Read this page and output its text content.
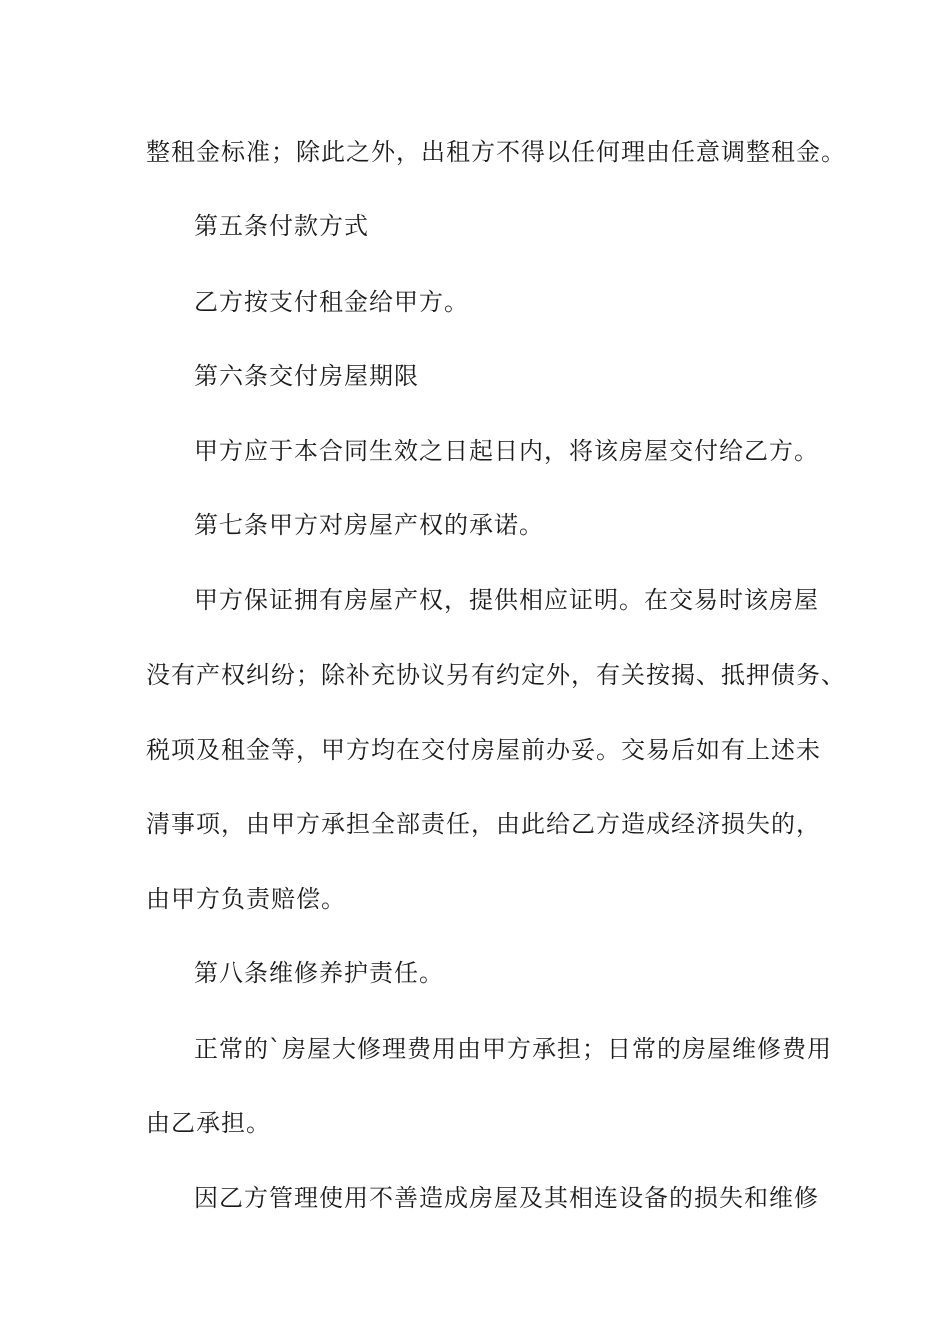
整租金标准；除此之外，出租方不得以任何理由任意调整租金。
第五条付款方式
乙方按支付租金给甲方。
第六条交付房屋期限
甲方应于本合同生效之日起日内，将该房屋交付给乙方。
第七条甲方对房屋产权的承诺。
甲方保证拥有房屋产权，提供相应证明。在交易时该房屋
没有产权纠纷；除补充协议另有约定外，有关按揭、抵押债务、
税项及租金等，甲方均在交付房屋前办妥。交易后如有上述未
清事项，由甲方承担全部责任，由此给乙方造成经济损失的，
由甲方负责赔偿。
第八条维修养护责任。
正常的`房屋大修理费用由甲方承担；日常的房屋维修费用
由乙承担。
因乙方管理使用不善造成房屋及其相连设备的损失和维修
